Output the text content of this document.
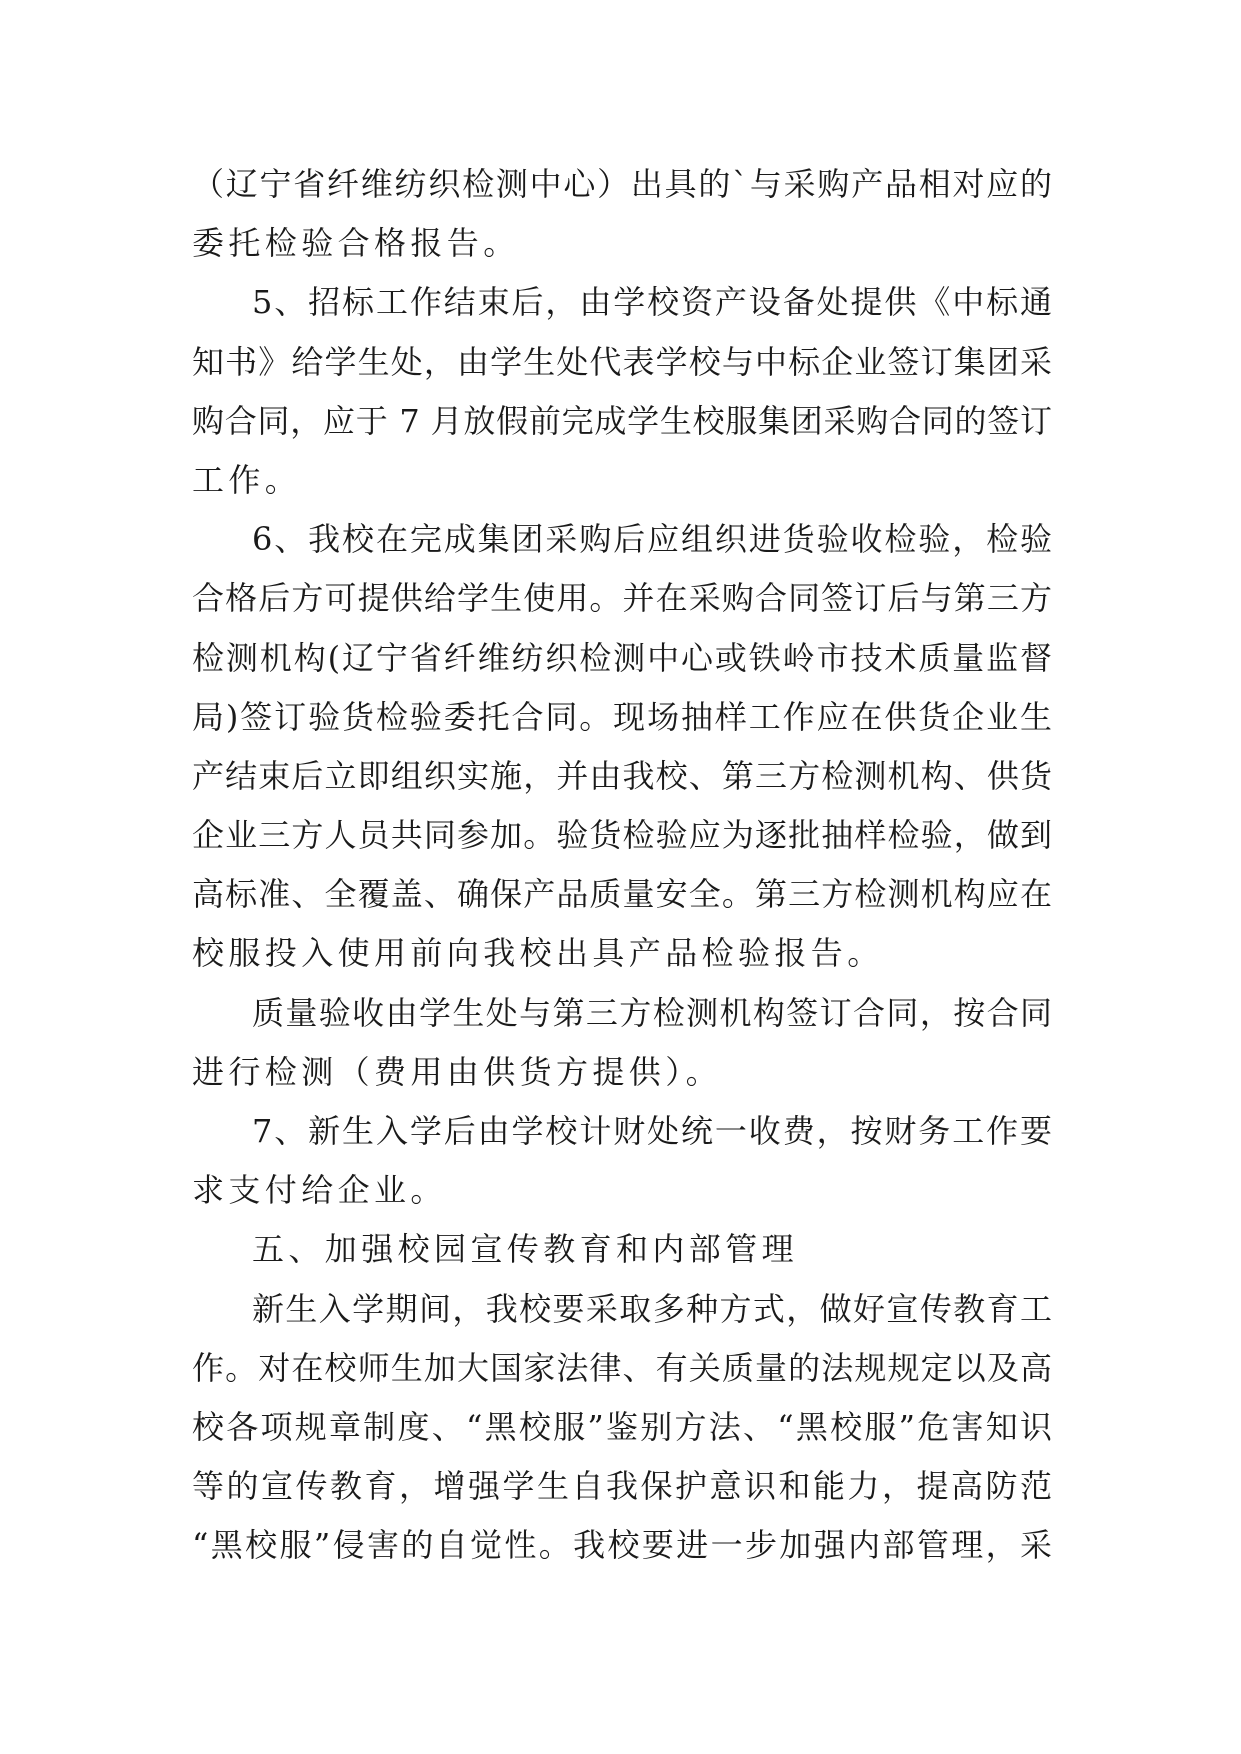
（辽宁省纤维纺织检测中心）出具的`与采购产品相对应的
委托检验合格报告。
5、招标工作结束后，由学校资产设备处提供《中标通
知书》给学生处，由学生处代表学校与中标企业签订集团采
购合同，应于 7 月放假前完成学生校服集团采购合同的签订
工作。
6、我校在完成集团采购后应组织进货验收检验，检验
合格后方可提供给学生使用。并在采购合同签订后与第三方
检测机构(辽宁省纤维纺织检测中心或铁岭市技术质量监督
局)签订验货检验委托合同。现场抽样工作应在供货企业生
产结束后立即组织实施，并由我校、第三方检测机构、供货
企业三方人员共同参加。验货检验应为逐批抽样检验，做到
高标准、全覆盖、确保产品质量安全。第三方检测机构应在
校服投入使用前向我校出具产品检验报告。
质量验收由学生处与第三方检测机构签订合同，按合同
进行检测（费用由供货方提供）。
7、新生入学后由学校计财处统一收费，按财务工作要
求支付给企业。
五、加强校园宣传教育和内部管理
新生入学期间，我校要采取多种方式，做好宣传教育工
作。对在校师生加大国家法律、有关质量的法规规定以及高
校各项规章制度、“黑校服”鉴别方法、“黑校服”危害知识
等的宣传教育，增强学生自我保护意识和能力，提高防范
“黑校服”侵害的自觉性。我校要进一步加强内部管理，采
